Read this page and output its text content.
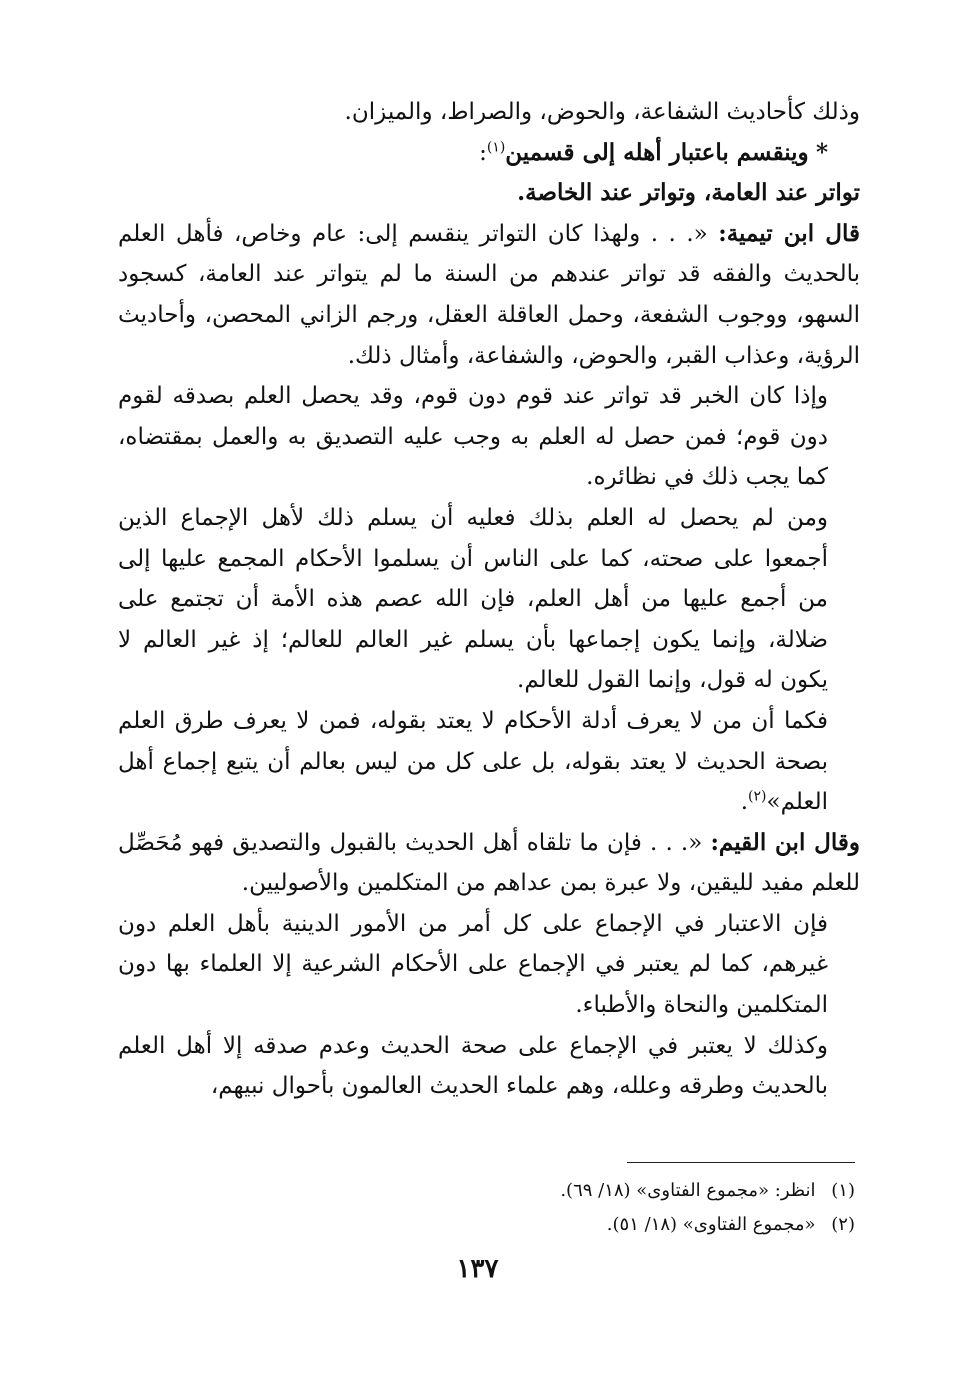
وذلك كأحاديث الشفاعة، والحوض، والصراط، والميزان.

* وينقسم باعتبار أهله إلى قسمين$^{(١)}$:

تواتر عند العامة، وتواتر عند الخاصة.

قال ابن تيمية: «. . . ولهذا كان التواتر ينقسم إلى: عام وخاص، فأهل العلم بالحديث والفقه قد تواتر عندهم من السنة ما لم يتواتر عند العامة، كسجود السهو، ووجوب الشفعة، وحمل العاقلة العقل، ورجم الزاني المحصن، وأحاديث الرؤية، وعذاب القبر، والحوض، والشفاعة، وأمثال ذلك.

وإذا كان الخبر قد تواتر عند قوم دون قوم، وقد يحصل العلم بصدقه لقوم دون قوم؛ فمن حصل له العلم به وجب عليه التصديق به والعمل بمقتضاه، كما يجب ذلك في نظائره.

ومن لم يحصل له العلم بذلك فعليه أن يسلم ذلك لأهل الإجماع الذين أجمعوا على صحته، كما على الناس أن يسلموا الأحكام المجمع عليها إلى من أجمع عليها من أهل العلم، فإن الله عصم هذه الأمة أن تجتمع على ضلالة، وإنما يكون إجماعها بأن يسلم غير العالم للعالم؛ إذ غير العالم لا يكون له قول، وإنما القول للعالم.

فكما أن من لا يعرف أدلة الأحكام لا يعتد بقوله، فمن لا يعرف طرق العلم بصحة الحديث لا يعتد بقوله، بل على كل من ليس بعالم أن يتبع إجماع أهل العلم»$^{(٢)}$.

وقال ابن القيم: «. . . فإن ما تلقاه أهل الحديث بالقبول والتصديق فهو مُحَصِّل للعلم مفيد لليقين، ولا عبرة بمن عداهم من المتكلمين والأصوليين.

فإن الاعتبار في الإجماع على كل أمر من الأمور الدينية بأهل العلم دون غيرهم، كما لم يعتبر في الإجماع على الأحكام الشرعية إلا العلماء بها دون المتكلمين والنحاة والأطباء.

وكذلك لا يعتبر في الإجماع على صحة الحديث وعدم صدقه إلا أهل العلم بالحديث وطرقه وعلله، وهم علماء الحديث العالمون بأحوال نبيهم،

(١) انظر: «مجموع الفتاوى» (١٨/ ٦٩).
(٢) «مجموع الفتاوى» (١٨/ ٥١).
١٣٧
